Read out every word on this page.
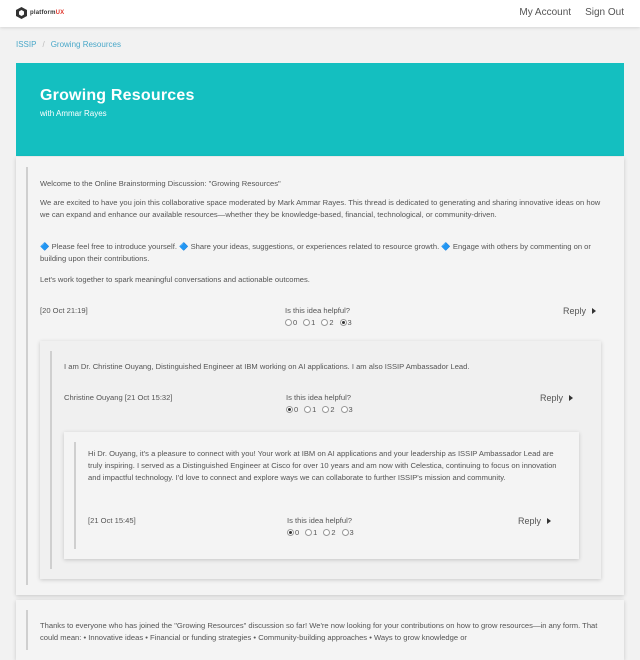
platformUX	My Account Sign Out
ISSIP / Growing Resources
Growing Resources
with Ammar Rayes
Welcome to the Online Brainstorming Discussion: "Growing Resources"
We are excited to have you join this collaborative space moderated by Mark Ammar Rayes. This thread is dedicated to generating and sharing innovative ideas on how we can expand and enhance our available resources—whether they be knowledge-based, financial, technological, or community-driven.
🔷 Please feel free to introduce yourself. 🔷 Share your ideas, suggestions, or experiences related to resource growth. 🔷 Engage with others by commenting on or building upon their contributions.
Let's work together to spark meaningful conversations and actionable outcomes.
[20 Oct 21:19]	Is this idea helpful?
0 1 2 3
Reply
I am Dr. Christine Ouyang, Distinguished Engineer at IBM working on AI applications. I am also ISSIP Ambassador Lead.
Christine Ouyang [21 Oct 15:32]	Is this idea helpful?
0 1 2 3
Reply
Hi Dr. Ouyang, it's a pleasure to connect with you! Your work at IBM on AI applications and your leadership as ISSIP Ambassador Lead are truly inspiring. I served as a Distinguished Engineer at Cisco for over 10 years and am now with Celestica, continuing to focus on innovation and impactful technology. I'd love to connect and explore ways we can collaborate to further ISSIP's mission and community.
[21 Oct 15:45]	Is this idea helpful?
0 1 2 3
Reply
Thanks to everyone who has joined the "Growing Resources" discussion so far! We're now looking for your contributions on how to grow resources—in any form. That could mean: • Innovative ideas • Financial or funding strategies • Community-building approaches • Ways to grow knowledge or
